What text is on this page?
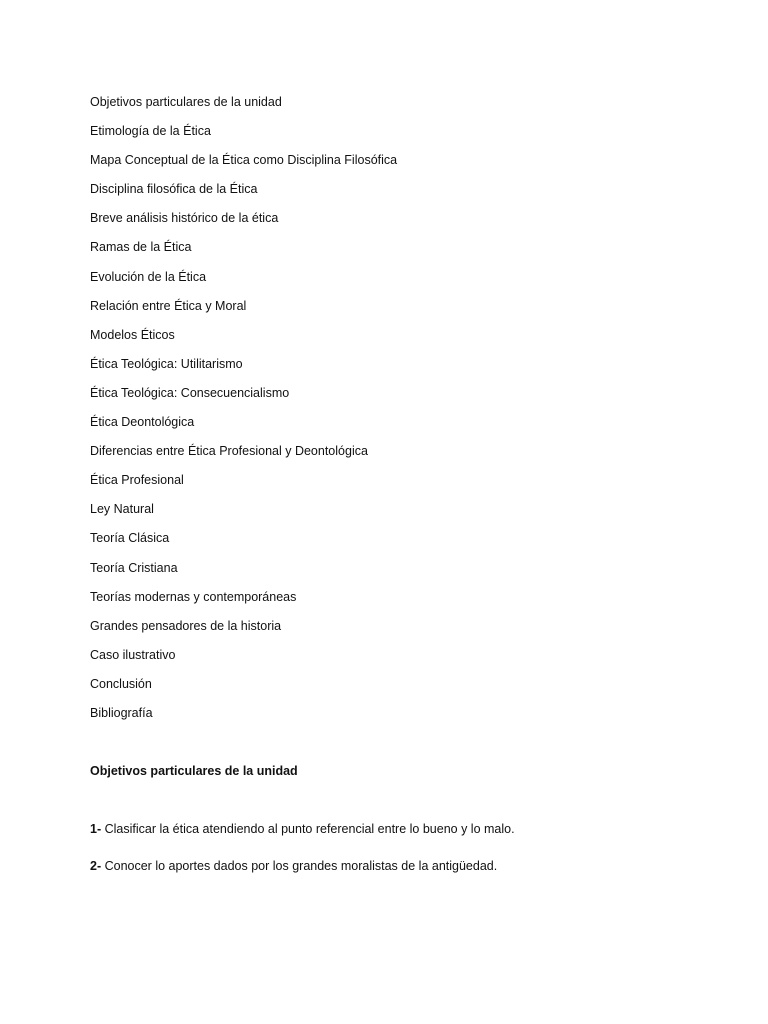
Objetivos particulares de la unidad
Etimología de la Ética
Mapa Conceptual de la Ética como Disciplina Filosófica
Disciplina filosófica de la Ética
Breve análisis histórico de la ética
Ramas de la Ética
Evolución de la Ética
Relación entre Ética y Moral
Modelos Éticos
Ética Teológica: Utilitarismo
Ética Teológica: Consecuencialismo
Ética Deontológica
Diferencias entre Ética Profesional y Deontológica
Ética Profesional
Ley Natural
Teoría Clásica
Teoría Cristiana
Teorías modernas y contemporáneas
Grandes pensadores de la historia
Caso ilustrativo
Conclusión
Bibliografía
Objetivos particulares de la unidad

1- Clasificar la ética atendiendo al punto referencial entre lo bueno y lo malo.

2- Conocer lo aportes dados por los grandes moralistas de la antigüedad.
